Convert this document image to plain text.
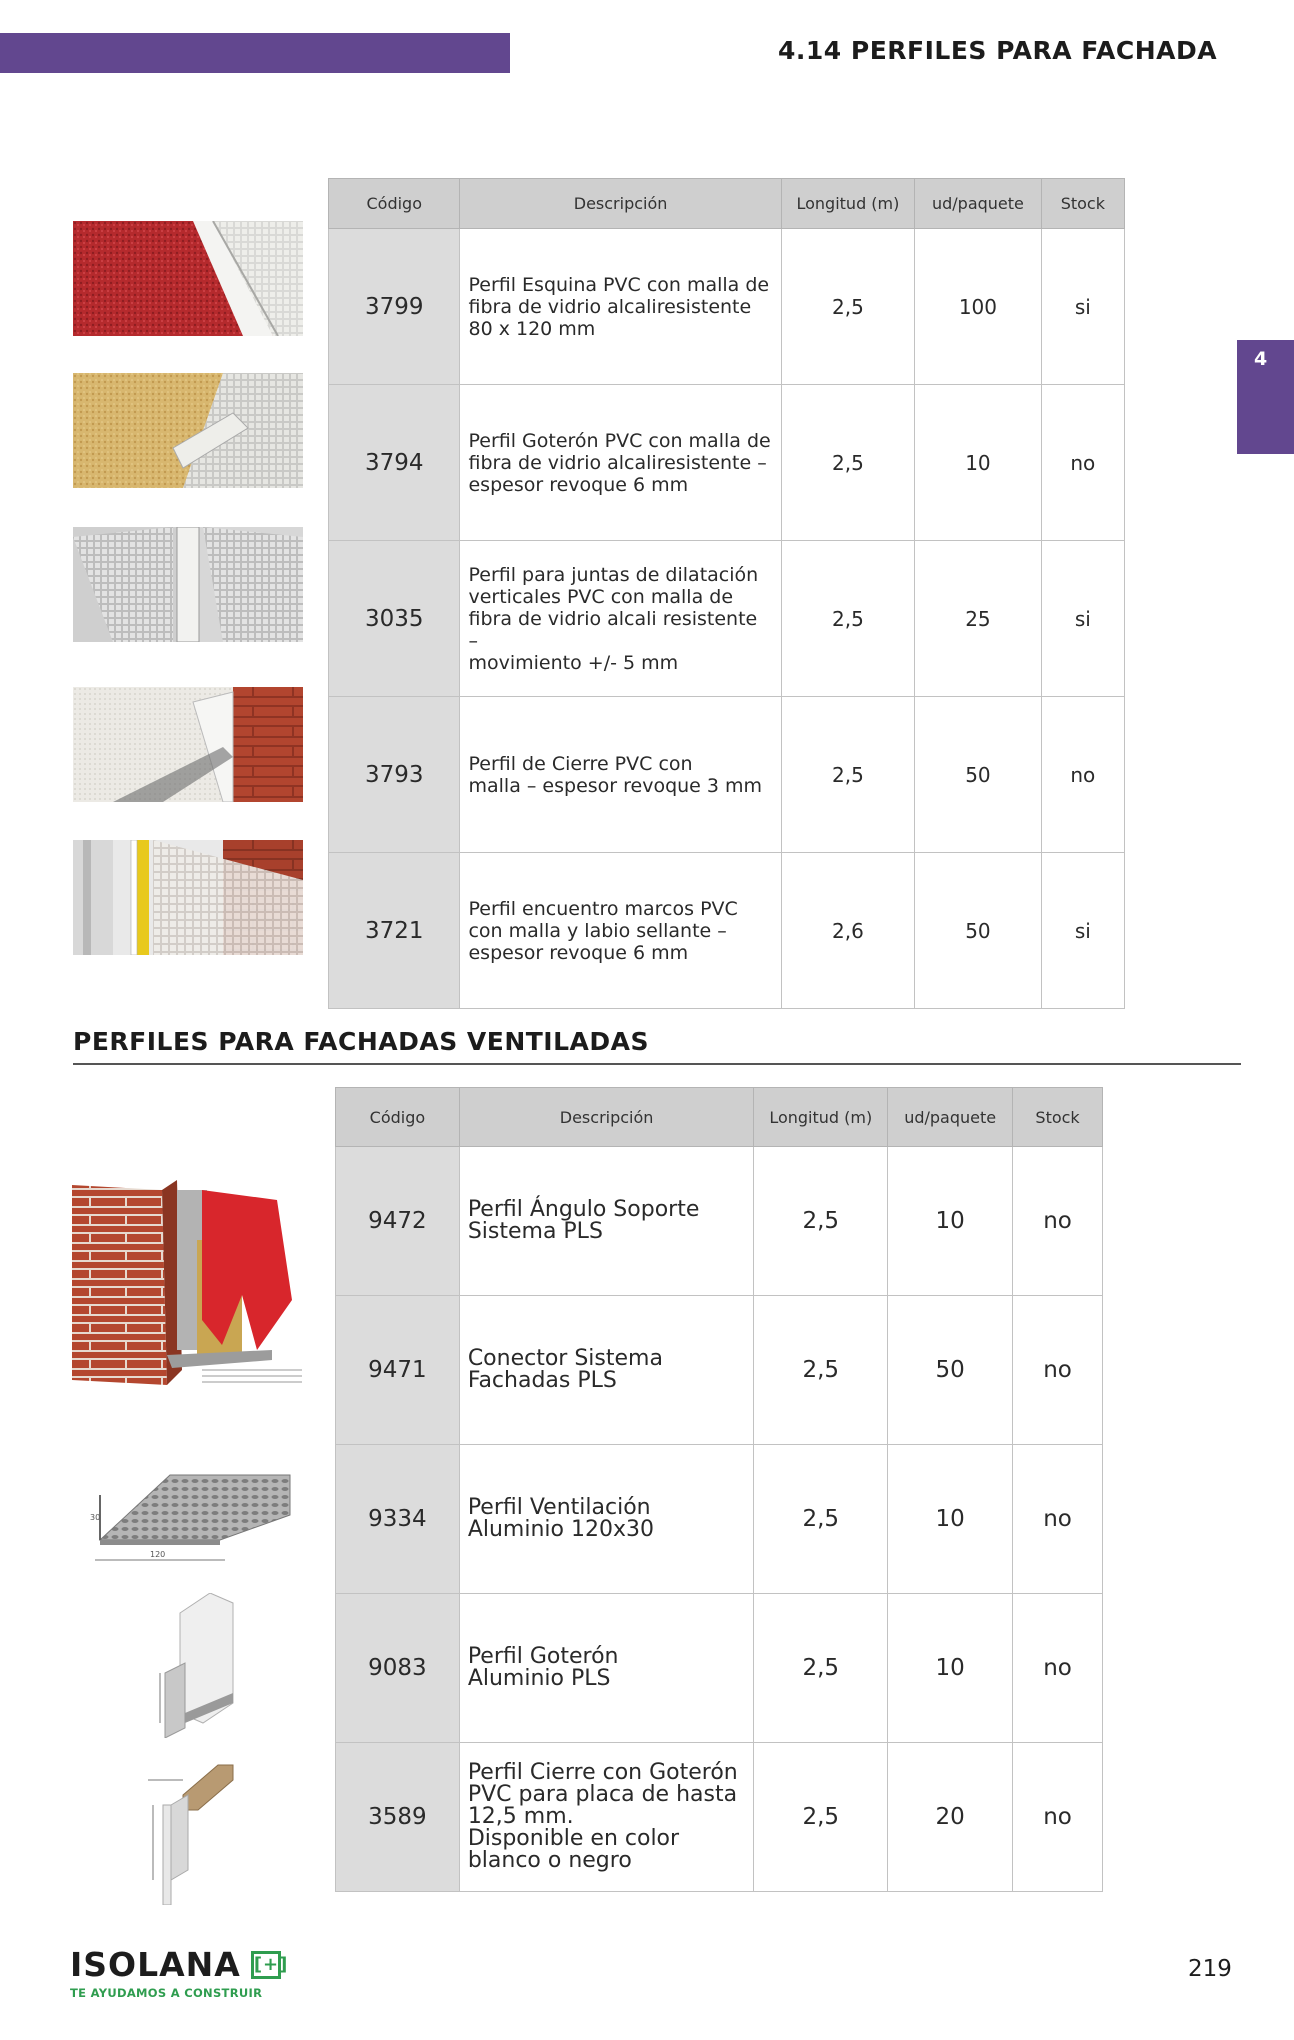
4.14 PERFILES PARA FACHADA
4
Código	Descripción	Longitud (m)	ud/paquete	Stock
3799	Perfil Esquina PVC con malla de
fibra de vidrio alcaliresistente
80 x 120 mm	2,5	100	si
3794	Perfil Goterón PVC con malla de
fibra de vidrio alcaliresistente –
espesor revoque 6 mm	2,5	10	no
3035	Perfil para juntas de dilatación
verticales PVC con malla de
fibra de vidrio alcali resistente –
movimiento +/- 5 mm	2,5	25	si
3793	Perfil de Cierre PVC con
malla – espesor revoque 3 mm	2,5	50	no
3721	Perfil encuentro marcos PVC
con malla y labio sellante –
espesor revoque 6 mm	2,6	50	si
PERFILES PARA FACHADAS VENTILADAS
120
30
Código	Descripción	Longitud (m)	ud/paquete	Stock
9472	Perfil Ángulo Soporte
Sistema PLS	2,5	10	no
9471	Conector Sistema
Fachadas PLS	2,5	50	no
9334	Perfil Ventilación
Aluminio 120x30	2,5	10	no
9083	Perfil Goterón
Aluminio PLS	2,5	10	no
3589	Perfil Cierre con Goterón
PVC para placa de hasta
12,5 mm.
Disponible en color
blanco o negro	2,5	20	no
ISOLANA [+]
TE AYUDAMOS A CONSTRUIR
219
